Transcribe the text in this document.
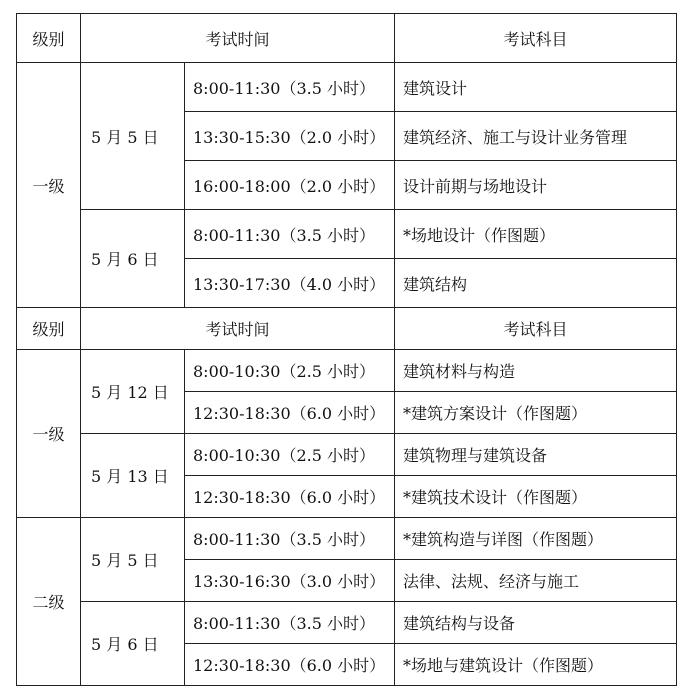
级别	考试时间		考试科目
一级	5 月 5 日	8:00-11:30（3.5 小时）	建筑设计
		13:30-15:30（2.0 小时）	建筑经济、施工与设计业务管理
		16:00-18:00（2.0 小时）	设计前期与场地设计
	5 月 6 日	8:00-11:30（3.5 小时）	*场地设计（作图题）
		13:30-17:30（4.0 小时）	建筑结构
级别	考试时间		考试科目
一级	5 月 12 日	8:00-10:30（2.5 小时）	建筑材料与构造
		12:30-18:30（6.0 小时）	*建筑方案设计（作图题）
	5 月 13 日	8:00-10:30（2.5 小时）	建筑物理与建筑设备
		12:30-18:30（6.0 小时）	*建筑技术设计（作图题）
二级	5 月 5 日	8:00-11:30（3.5 小时）	*建筑构造与详图（作图题）
		13:30-16:30（3.0 小时）	法律、法规、经济与施工
	5 月 6 日	8:00-11:30（3.5 小时）	建筑结构与设备
		12:30-18:30（6.0 小时）	*场地与建筑设计（作图题）
